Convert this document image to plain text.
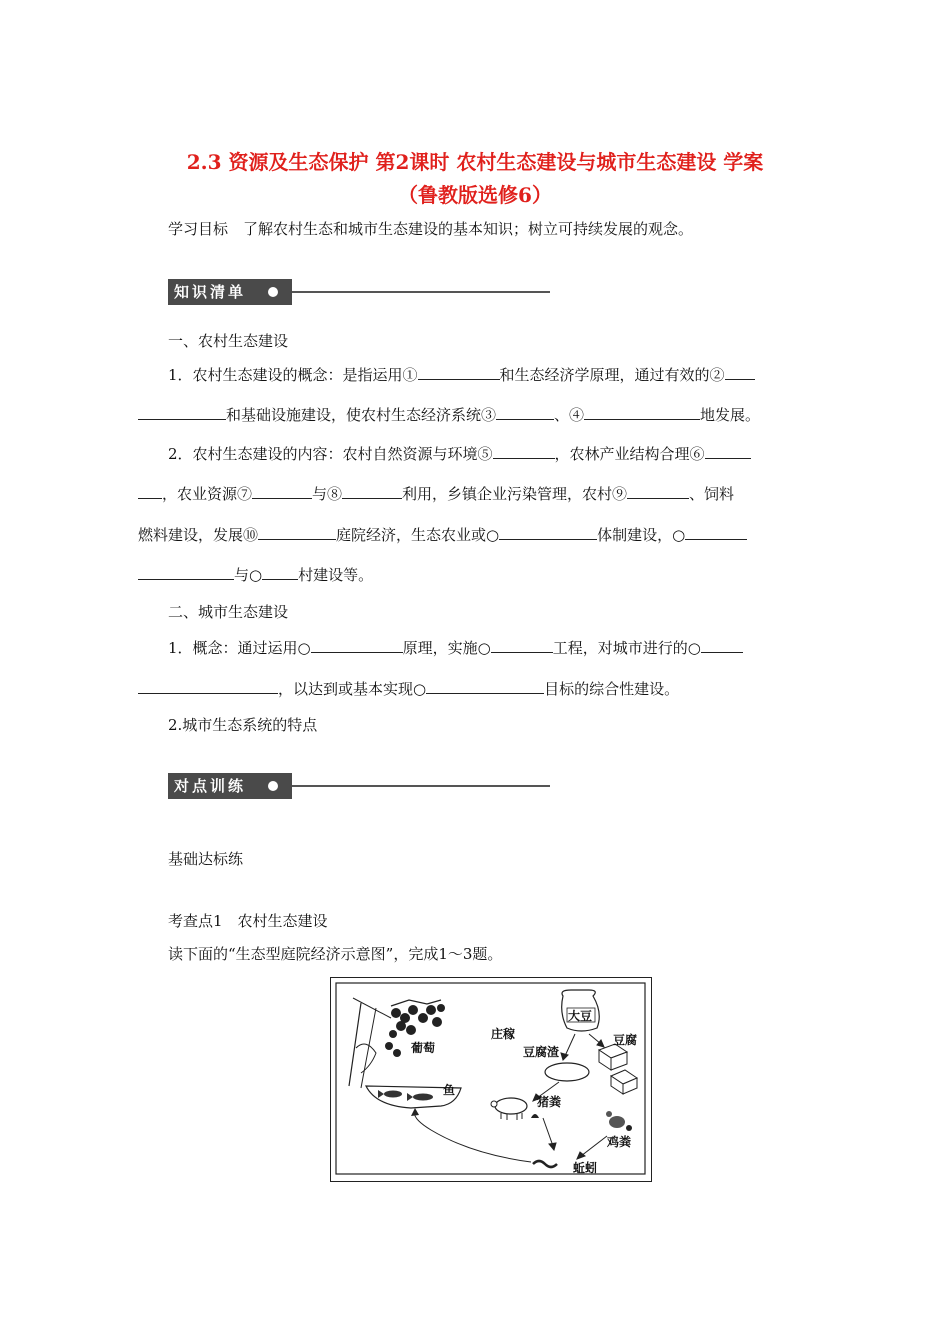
2.3 资源及生态保护 第2课时 农村生态建设与城市生态建设 学案
（鲁教版选修6）
学习目标　了解农村生态和城市生态建设的基本知识；树立可持续发展的观念。
知识清单
一、农村生态建设
1．农村生态建设的概念：是指运用①	和生态经济学原理，通过有效的②
和基础设施建设，使农村生态经济系统③	、④	地发展。
2．农村生态建设的内容：农村自然资源与环境⑤	，农林产业结构合理⑥
，农业资源⑦	与⑧	利用，乡镇企业污染管理，农村⑨	、饲料
燃料建设，发展⑩	庭院经济，生态农业或○	体制建设，○
与○ 村建设等。
二、城市生态建设
1．概念：通过运用○	原理，实施○	工程，对城市进行的○
，以达到或基本实现○	目标的综合性建设。
2.城市生态系统的特点
对点训练
基础达标练
考查点1　农村生态建设
读下面的“生态型庭院经济示意图”，完成1～3题。
葡萄
鱼
庄稼
大豆
豆腐
豆腐渣
猪粪
鸡粪
蚯蚓
